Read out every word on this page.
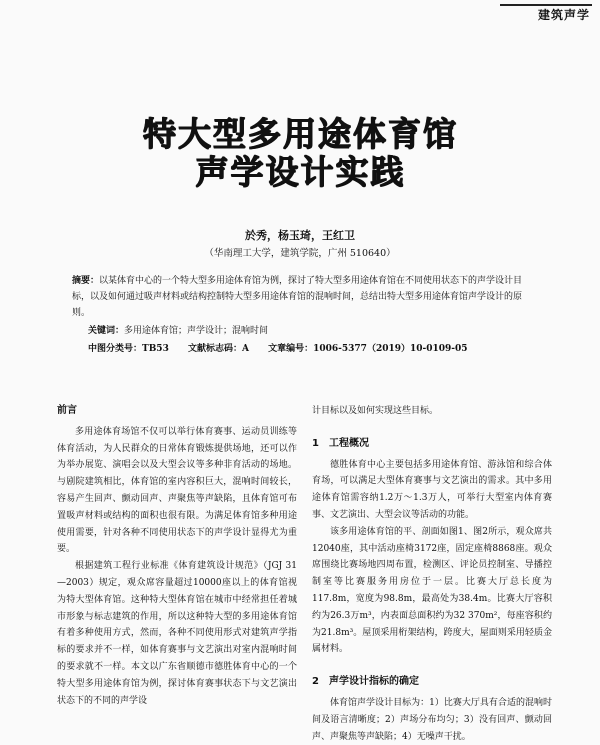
建筑声学
特大型多用途体育馆
声学设计实践
於秀，杨玉琦，王红卫
（华南理工大学，建筑学院，广州 510640）
摘要：以某体育中心的一个特大型多用途体育馆为例，探讨了特大型多用途体育馆在不同使用状态下的声学设计目标，以及如何通过吸声材料或结构控制特大型多用途体育馆的混响时间，总结出特大型多用途体育馆声学设计的原则。
关键词：多用途体育馆；声学设计；混响时间
中图分类号：TB53 文献标志码：A 文章编号：1006-5377（2019）10-0109-05
前言

多用途体育场馆不仅可以举行体育赛事、运动员训练等体育活动，为人民群众的日常体育锻炼提供场地，还可以作为举办展览、演唱会以及大型会议等多种非育活动的场地。与剧院建筑相比，体育馆的室内容积巨大，混响时间较长，容易产生回声、颤动回声、声聚焦等声缺陷，且体育馆可布置吸声材料或结构的面积也很有限。为满足体育馆多种用途使用需要，针对各种不同使用状态下的声学设计显得尤为重要。

根据建筑工程行业标准《体育建筑设计规范》（JGJ 31—2003）规定，观众席容量超过10000座以上的体育馆视为特大型体育馆。这种特大型体育馆在城市中经常担任着城市形象与标志建筑的作用，所以这种特大型的多用途体育馆有着多种使用方式，然而，各种不同使用形式对建筑声学指标的要求并不一样，如体育赛事与文艺演出对室内混响时间的要求就不一样。本文以广东省顺德市德胜体育中心的一个特大型多用途体育馆为例，探讨体育赛事状态下与文艺演出状态下的不同的声学设

计目标以及如何实现这些目标。

1　工程概况

德胜体育中心主要包括多用途体育馆、游泳馆和综合体育场，可以满足大型体育赛事与文艺演出的需求。其中多用途体育馆需容纳1.2万～1.3万人，可举行大型室内体育赛事、文艺演出、大型会议等活动的功能。

该多用途体育馆的平、剖面如图1、图2所示，观众席共12040座，其中活动座椅3172座，固定座椅8868座。观众席围绕比赛场地四周布置，检测区、评论员控制室、导播控制室等比赛服务用房位于一层。比赛大厅总长度为117.8m，宽度为98.8m，最高处为38.4m。比赛大厅容积约为26.3万m³，内表面总面积约为32 370m²，每座容积约为21.8m³。屋顶采用桁架结构，跨度大，屋面则采用轻质金属材料。

2　声学设计指标的确定

体育馆声学设计目标为：1）比赛大厅具有合适的混响时间及语言清晰度；2）声场分布均匀；3）没有回声、颤动回声、声聚焦等声缺陷；4）无噪声干扰。
